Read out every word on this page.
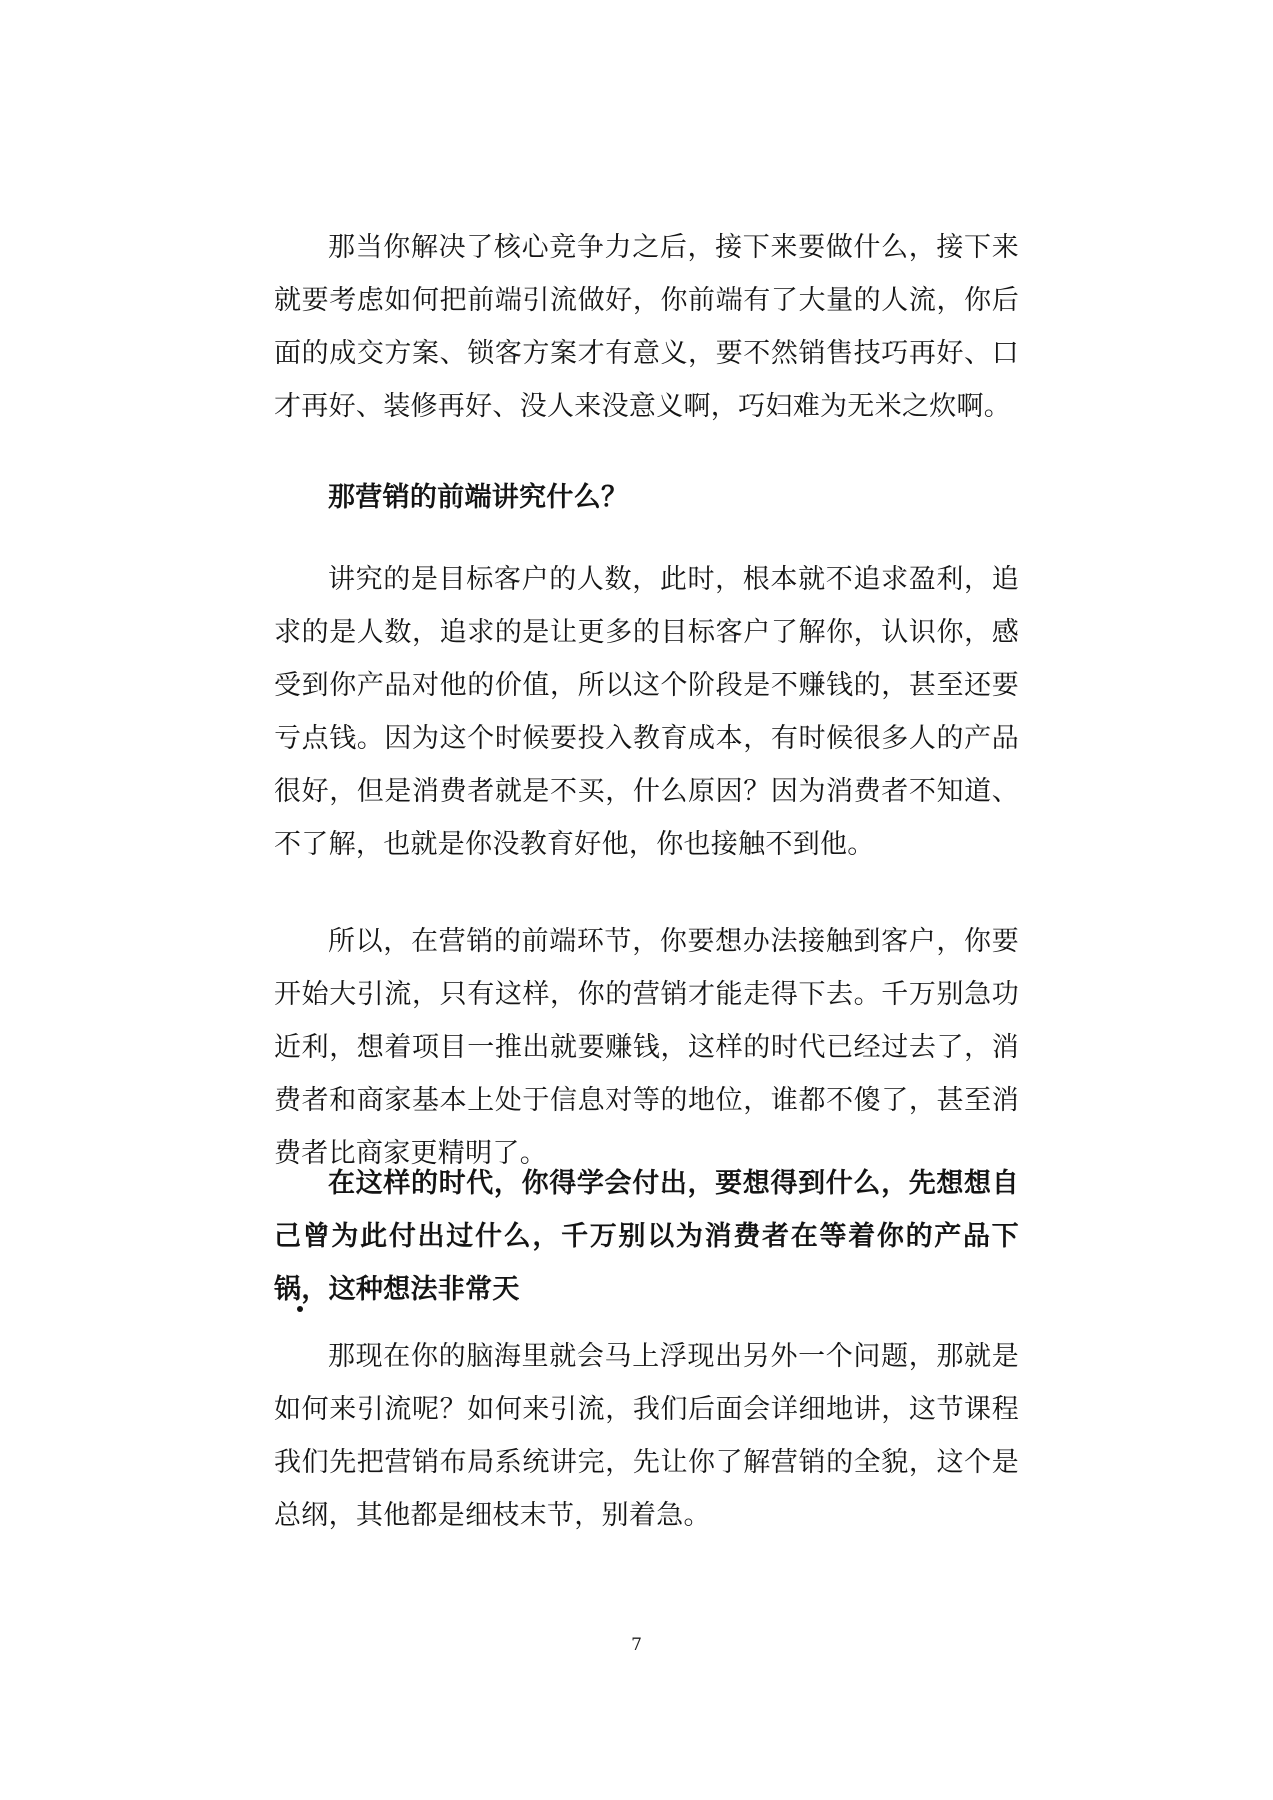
那当你解决了核心竞争力之后，接下来要做什么，接下来就要考虑如何把前端引流做好，你前端有了大量的人流，你后面的成交方案、锁客方案才有意义，要不然销售技巧再好、口才再好、装修再好、没人来没意义啊，巧妇难为无米之炊啊。
那营销的前端讲究什么？
讲究的是目标客户的人数，此时，根本就不追求盈利，追求的是人数，追求的是让更多的目标客户了解你，认识你，感受到你产品对他的价值，所以这个阶段是不赚钱的，甚至还要亏点钱。因为这个时候要投入教育成本，有时候很多人的产品很好，但是消费者就是不买，什么原因？因为消费者不知道、不了解，也就是你没教育好他，你也接触不到他。
所以，在营销的前端环节，你要想办法接触到客户，你要开始大引流，只有这样，你的营销才能走得下去。千万别急功近利，想着项目一推出就要赚钱，这样的时代已经过去了，消费者和商家基本上处于信息对等的地位，谁都不傻了，甚至消费者比商家更精明了。
在这样的时代，你得学会付出，要想得到什么，先想想自己曾为此付出过什么，千万别以为消费者在等着你的产品下锅，这种想法非常天
那现在你的脑海里就会马上浮现出另外一个问题，那就是如何来引流呢？如何来引流，我们后面会详细地讲，这节课程我们先把营销布局系统讲完，先让你了解营销的全貌，这个是总纲，其他都是细枝末节，别着急。
7
